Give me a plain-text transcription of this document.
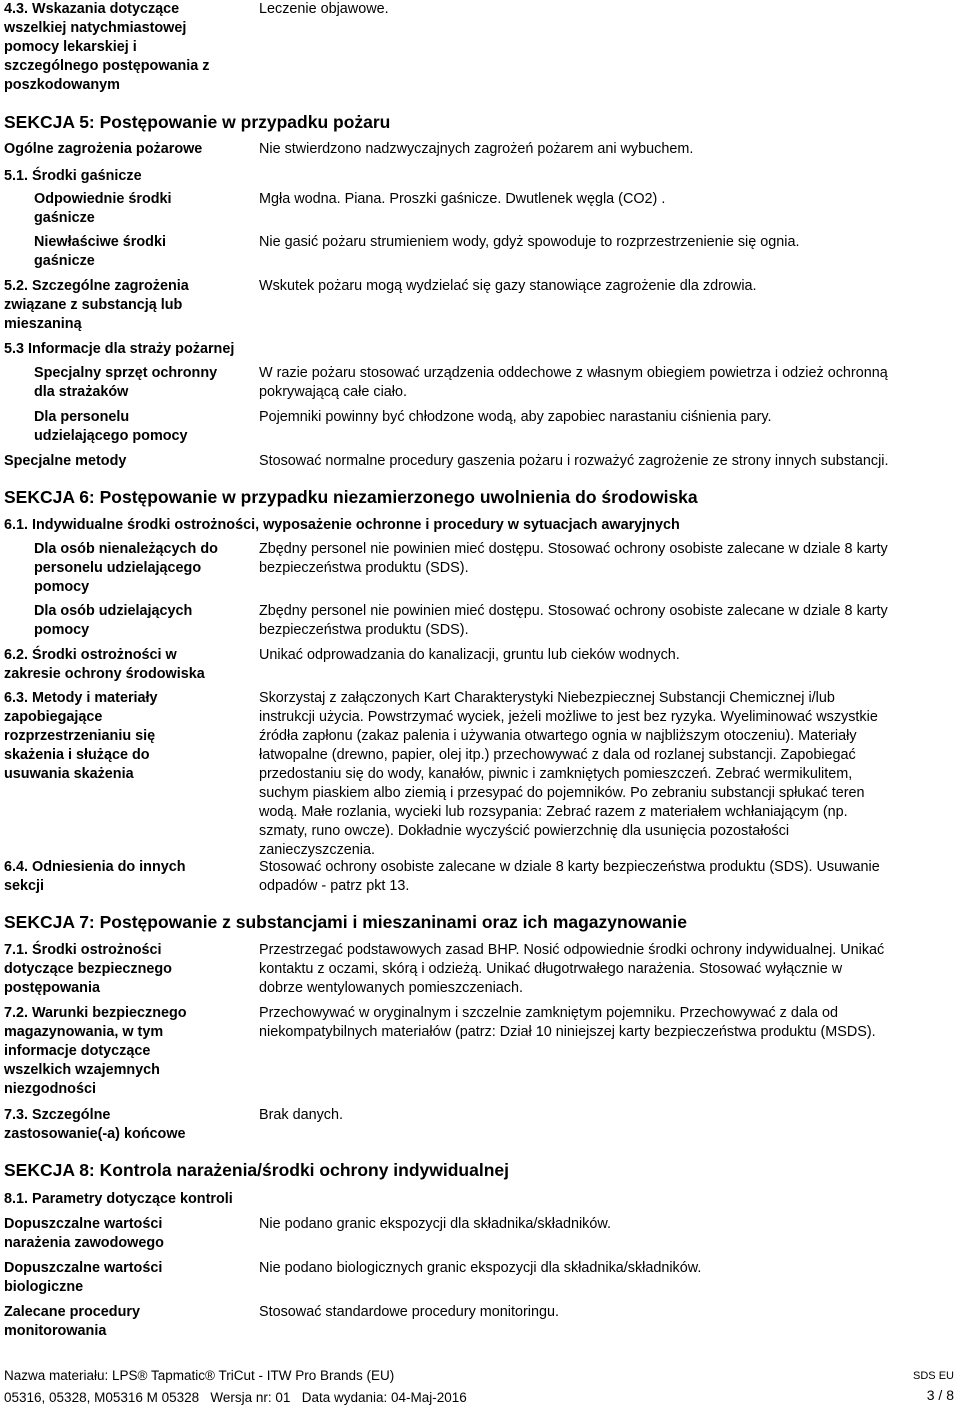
4.3. Wskazania dotyczące
wszelkiej natychmiastowej
pomocy lekarskiej i
szczególnego postępowania z
poszkodowanym
Leczenie objawowe.
SEKCJA 5: Postępowanie w przypadku pożaru
Ogólne zagrożenia pożarowe	Nie stwierdzono nadzwyczajnych zagrożeń pożarem ani wybuchem.
5.1. Środki gaśnicze
Odpowiednie środki
gaśnicze
Mgła wodna. Piana. Proszki gaśnicze. Dwutlenek węgla (CO2) .
Niewłaściwe środki
gaśnicze
Nie gasić pożaru strumieniem wody, gdyż spowoduje to rozprzestrzenienie się ognia.
5.2. Szczególne zagrożenia
związane z substancją lub
mieszaniną
Wskutek pożaru mogą wydzielać się gazy stanowiące zagrożenie dla zdrowia.
5.3 Informacje dla straży pożarnej
Specjalny sprzęt ochronny
dla strażaków
W razie pożaru stosować urządzenia oddechowe z własnym obiegiem powietrza i odzież ochronną
pokrywającą całe ciało.
Dla personelu
udzielającego pomocy
Pojemniki powinny być chłodzone wodą, aby zapobiec narastaniu ciśnienia pary.
Specjalne metody	Stosować normalne procedury gaszenia pożaru i rozważyć zagrożenie ze strony innych substancji.
SEKCJA 6: Postępowanie w przypadku niezamierzonego uwolnienia do środowiska
6.1. Indywidualne środki ostrożności, wyposażenie ochronne i procedury w sytuacjach awaryjnych
Dla osób nienależących do
personelu udzielającego
pomocy
Zbędny personel nie powinien mieć dostępu. Stosować ochrony osobiste zalecane w dziale 8 karty
bezpieczeństwa produktu (SDS).
Dla osób udzielających
pomocy
Zbędny personel nie powinien mieć dostępu. Stosować ochrony osobiste zalecane w dziale 8 karty
bezpieczeństwa produktu (SDS).
6.2. Środki ostrożności w
zakresie ochrony środowiska
Unikać odprowadzania do kanalizacji, gruntu lub cieków wodnych.
6.3. Metody i materiały
zapobiegające
rozprzestrzenianiu się
skażenia i służące do
usuwania skażenia
Skorzystaj z załączonych Kart Charakterystyki Niebezpiecznej Substancji Chemicznej i/lub
instrukcji użycia. Powstrzymać wyciek, jeżeli możliwe to jest bez ryzyka. Wyeliminować wszystkie
źródła zapłonu (zakaz palenia i używania otwartego ognia w najbliższym otoczeniu). Materiały
łatwopalne (drewno, papier, olej itp.) przechowywać z dala od rozlanej substancji. Zapobiegać
przedostaniu się do wody, kanałów, piwnic i zamkniętych pomieszczeń. Zebrać wermikulitem,
suchym piaskiem albo ziemią i przesypać do pojemników. Po zebraniu substancji spłukać teren
wodą. Małe rozlania, wycieki lub rozsypania: Zebrać razem z materiałem wchłaniającym (np.
szmaty, runo owcze). Dokładnie wyczyścić powierzchnię dla usunięcia pozostałości
zanieczyszczenia.
6.4. Odniesienia do innych
sekcji
Stosować ochrony osobiste zalecane w dziale 8 karty bezpieczeństwa produktu (SDS). Usuwanie
odpadów - patrz pkt 13.
SEKCJA 7: Postępowanie z substancjami i mieszaninami oraz ich magazynowanie
7.1. Środki ostrożności
dotyczące bezpiecznego
postępowania
Przestrzegać podstawowych zasad BHP. Nosić odpowiednie środki ochrony indywidualnej. Unikać
kontaktu z oczami, skórą i odzieżą. Unikać długotrwałego narażenia. Stosować wyłącznie w
dobrze wentylowanych pomieszczeniach.
7.2. Warunki bezpiecznego
magazynowania, w tym
informacje dotyczące
wszelkich wzajemnych
niezgodności
Przechowywać w oryginalnym i szczelnie zamkniętym pojemniku. Przechowywać z dala od
niekompatybilnych materiałów (patrz: Dział 10 niniejszej karty bezpieczeństwa produktu (MSDS).
7.3. Szczególne
zastosowanie(-a) końcowe
Brak danych.
SEKCJA 8: Kontrola narażenia/środki ochrony indywidualnej
8.1. Parametry dotyczące kontroli
Dopuszczalne wartości
narażenia zawodowego
Nie podano granic ekspozycji dla składnika/składników.
Dopuszczalne wartości
biologiczne
Nie podano biologicznych granic ekspozycji dla składnika/składników.
Zalecane procedury
monitorowania
Stosować standardowe procedury monitoringu.
Nazwa materiału: LPS® Tapmatic® TriCut - ITW Pro Brands (EU)
05316, 05328, M05316 M 05328   Wersja nr: 01   Data wydania: 04-Maj-2016
SDS EU
3 / 8
